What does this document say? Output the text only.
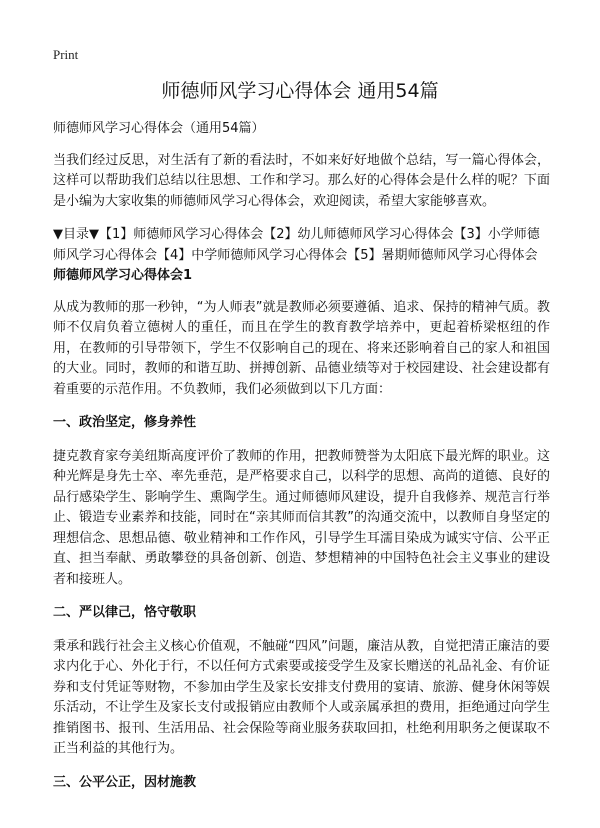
Print
师德师风学习心得体会 通用54篇

师德师风学习心得体会（通用54篇）

当我们经过反思，对生活有了新的看法时，不如来好好地做个总结，写一篇心得体会，这样可以帮助我们总结以往思想、工作和学习。那么好的心得体会是什么样的呢？下面是小编为大家收集的师德师风学习心得体会，欢迎阅读，希望大家能够喜欢。

▼目录▼【1】师德师风学习心得体会【2】幼儿师德师风学习心得体会【3】小学师德师风学习心得体会【4】中学师德师风学习心得体会【5】暑期师德师风学习心得体会师德师风学习心得体会1

从成为教师的那一秒钟，“为人师表”就是教师必须要遵循、追求、保持的精神气质。教师不仅肩负着立德树人的重任，而且在学生的教育教学培养中，更起着桥梁枢纽的作用，在教师的引导带领下，学生不仅影响自己的现在、将来还影响着自己的家人和祖国的大业。同时，教师的和谐互助、拼搏创新、品德业绩等对于校园建设、社会建设都有着重要的示范作用。不负教师，我们必须做到以下几方面：

一、政治坚定，修身养性

捷克教育家夸美纽斯高度评价了教师的作用，把教师赞誉为太阳底下最光辉的职业。这种光辉是身先士卒、率先垂范，是严格要求自己，以科学的思想、高尚的道德、良好的品行感染学生、影响学生、熏陶学生。通过师德师风建设，提升自我修养、规范言行举止、锻造专业素养和技能，同时在“亲其师而信其教”的沟通交流中，以教师自身坚定的理想信念、思想品德、敬业精神和工作作风，引导学生耳濡目染成为诚实守信、公平正直、担当奉献、勇敢攀登的具备创新、创造、梦想精神的中国特色社会主义事业的建设者和接班人。

二、严以律己，恪守敬职

秉承和践行社会主义核心价值观，不触碰“四风”问题，廉洁从教，自觉把清正廉洁的要求内化于心、外化于行，不以任何方式索要或接受学生及家长赠送的礼品礼金、有价证券和支付凭证等财物，不参加由学生及家长安排支付费用的宴请、旅游、健身休闲等娱乐活动，不让学生及家长支付或报销应由教师个人或亲属承担的费用，拒绝通过向学生推销图书、报刊、生活用品、社会保险等商业服务获取回扣，杜绝利用职务之便谋取不正当利益的其他行为。

三、公平公正，因材施教
